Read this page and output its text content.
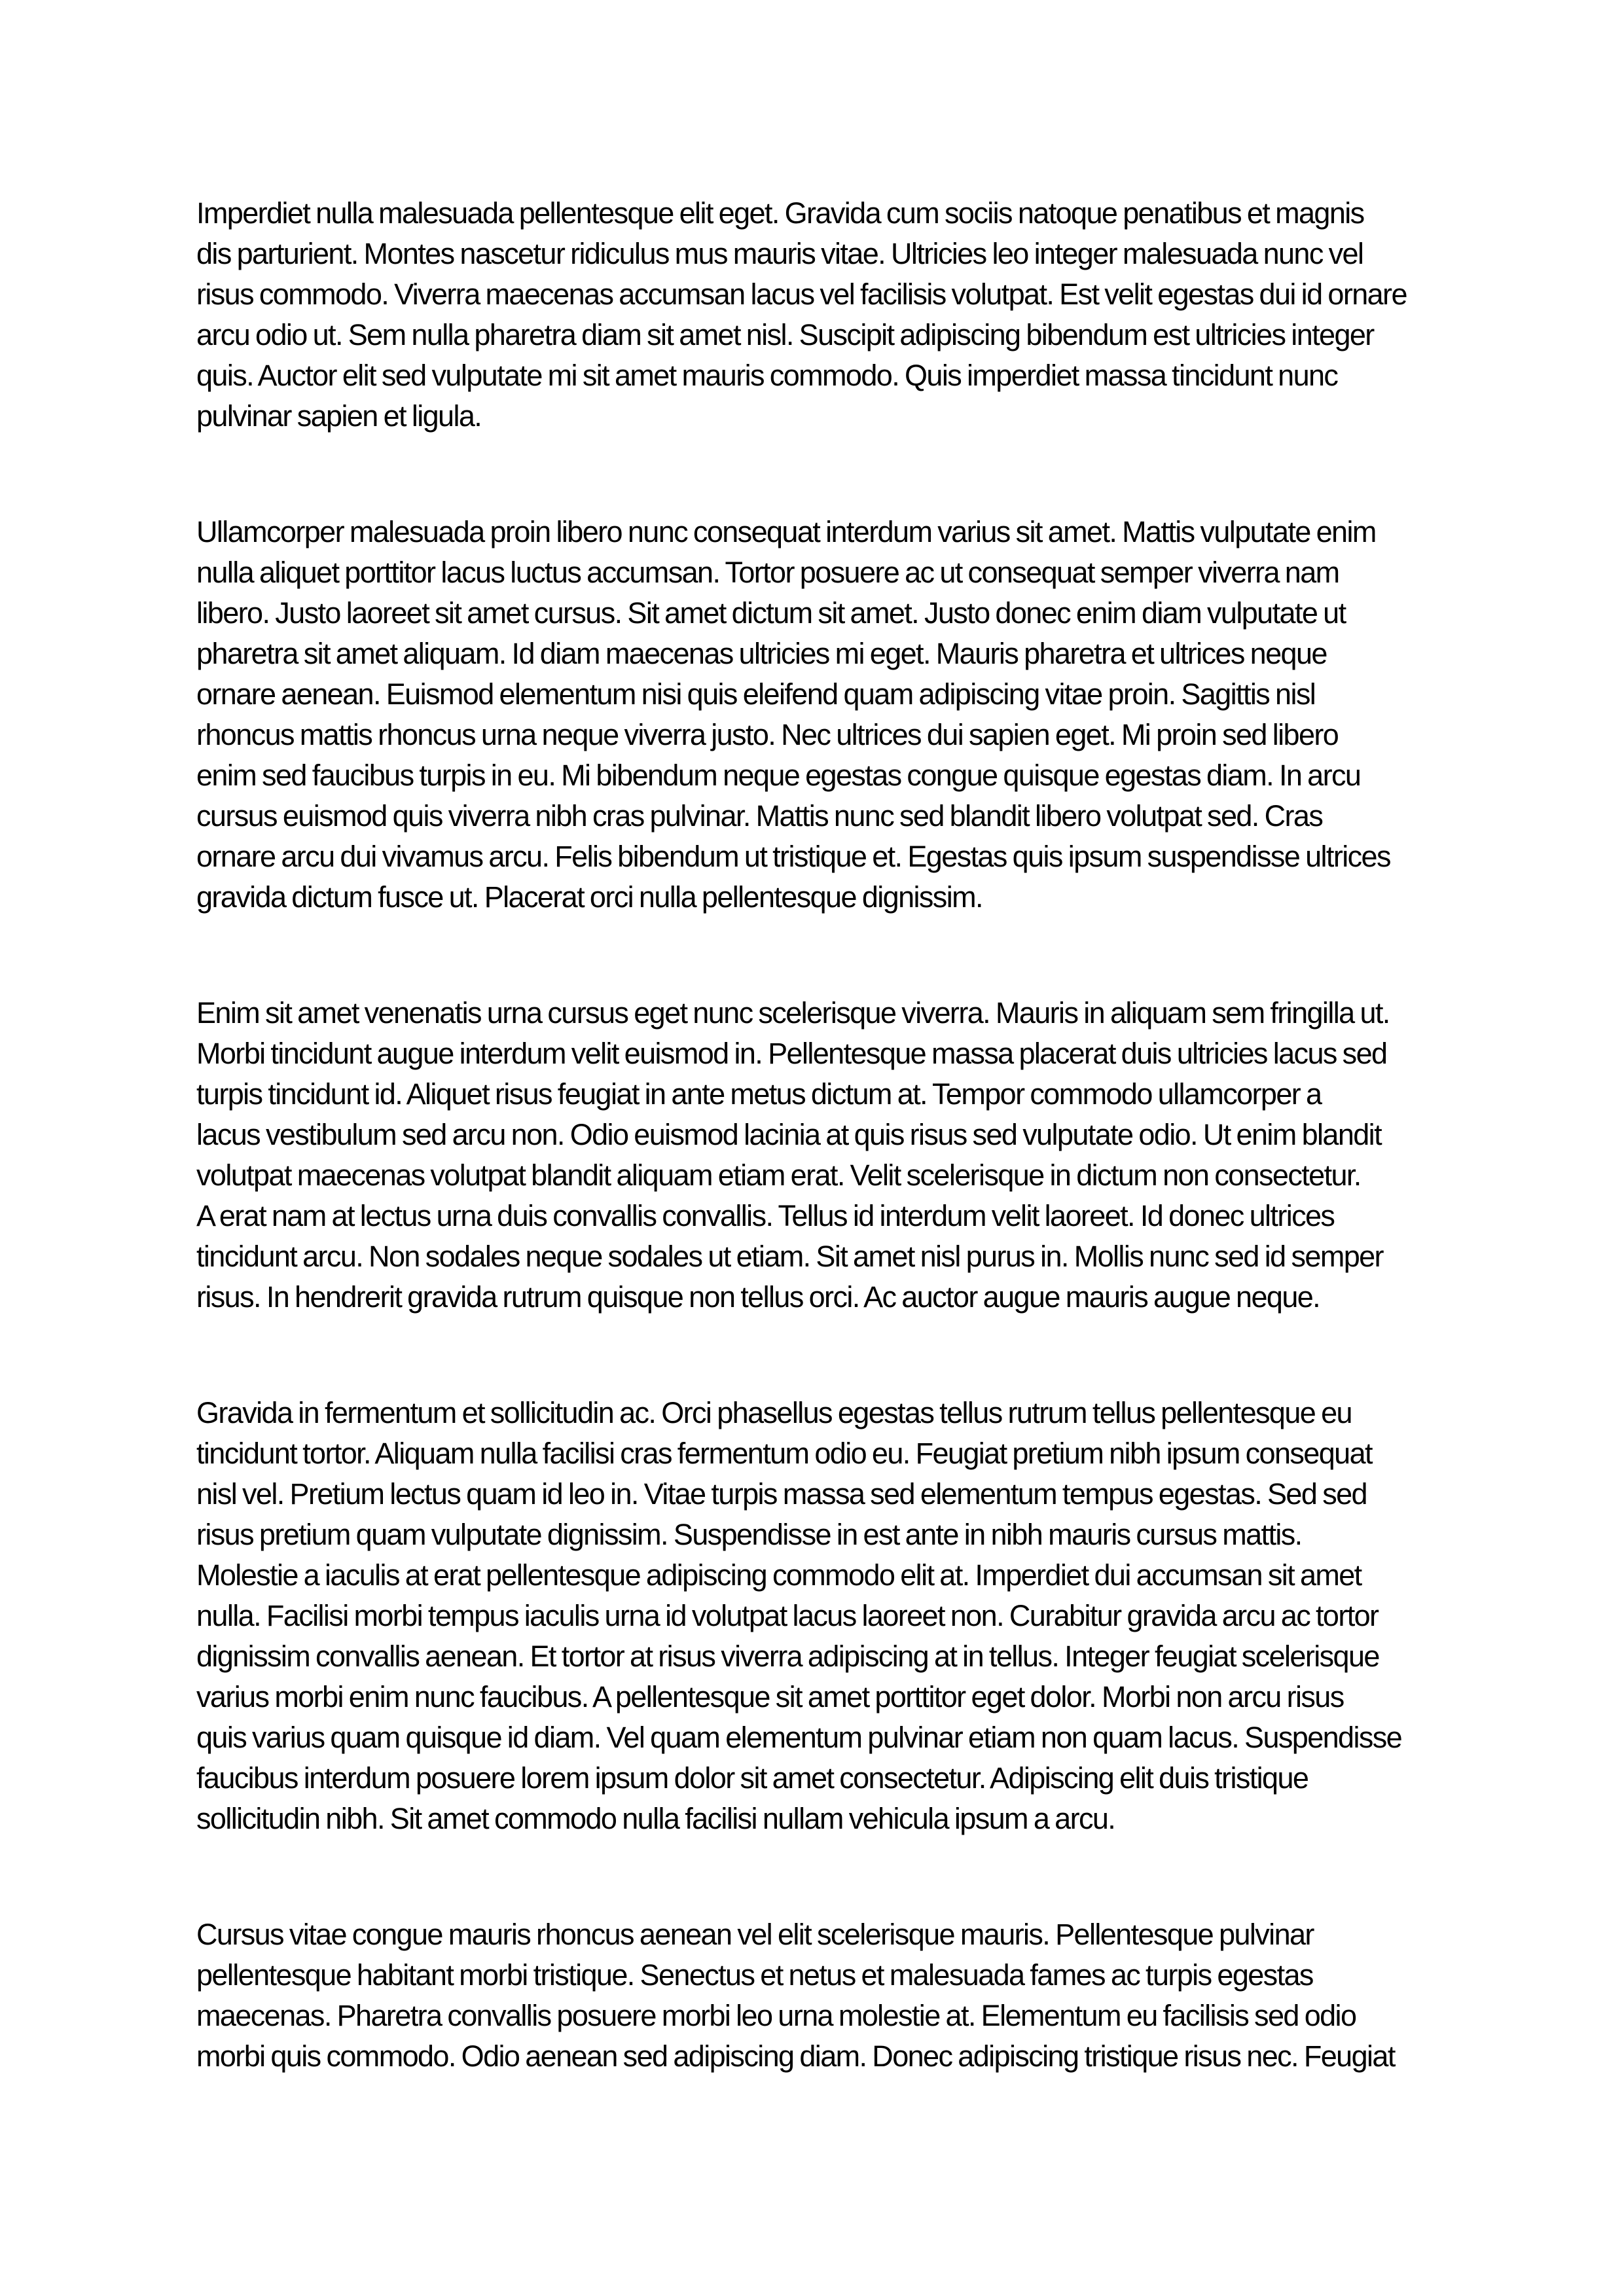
Imperdiet nulla malesuada pellentesque elit eget. Gravida cum sociis natoque penatibus et magnis
dis parturient. Montes nascetur ridiculus mus mauris vitae. Ultricies leo integer malesuada nunc vel
risus commodo. Viverra maecenas accumsan lacus vel facilisis volutpat. Est velit egestas dui id ornare
arcu odio ut. Sem nulla pharetra diam sit amet nisl. Suscipit adipiscing bibendum est ultricies integer
quis. Auctor elit sed vulputate mi sit amet mauris commodo. Quis imperdiet massa tincidunt nunc
pulvinar sapien et ligula.
Ullamcorper malesuada proin libero nunc consequat interdum varius sit amet. Mattis vulputate enim
nulla aliquet porttitor lacus luctus accumsan. Tortor posuere ac ut consequat semper viverra nam
libero. Justo laoreet sit amet cursus. Sit amet dictum sit amet. Justo donec enim diam vulputate ut
pharetra sit amet aliquam. Id diam maecenas ultricies mi eget. Mauris pharetra et ultrices neque
ornare aenean. Euismod elementum nisi quis eleifend quam adipiscing vitae proin. Sagittis nisl
rhoncus mattis rhoncus urna neque viverra justo. Nec ultrices dui sapien eget. Mi proin sed libero
enim sed faucibus turpis in eu. Mi bibendum neque egestas congue quisque egestas diam. In arcu
cursus euismod quis viverra nibh cras pulvinar. Mattis nunc sed blandit libero volutpat sed. Cras
ornare arcu dui vivamus arcu. Felis bibendum ut tristique et. Egestas quis ipsum suspendisse ultrices
gravida dictum fusce ut. Placerat orci nulla pellentesque dignissim.
Enim sit amet venenatis urna cursus eget nunc scelerisque viverra. Mauris in aliquam sem fringilla ut.
Morbi tincidunt augue interdum velit euismod in. Pellentesque massa placerat duis ultricies lacus sed
turpis tincidunt id. Aliquet risus feugiat in ante metus dictum at. Tempor commodo ullamcorper a
lacus vestibulum sed arcu non. Odio euismod lacinia at quis risus sed vulputate odio. Ut enim blandit
volutpat maecenas volutpat blandit aliquam etiam erat. Velit scelerisque in dictum non consectetur.
A erat nam at lectus urna duis convallis convallis. Tellus id interdum velit laoreet. Id donec ultrices
tincidunt arcu. Non sodales neque sodales ut etiam. Sit amet nisl purus in. Mollis nunc sed id semper
risus. In hendrerit gravida rutrum quisque non tellus orci. Ac auctor augue mauris augue neque.
Gravida in fermentum et sollicitudin ac. Orci phasellus egestas tellus rutrum tellus pellentesque eu
tincidunt tortor. Aliquam nulla facilisi cras fermentum odio eu. Feugiat pretium nibh ipsum consequat
nisl vel. Pretium lectus quam id leo in. Vitae turpis massa sed elementum tempus egestas. Sed sed
risus pretium quam vulputate dignissim. Suspendisse in est ante in nibh mauris cursus mattis.
Molestie a iaculis at erat pellentesque adipiscing commodo elit at. Imperdiet dui accumsan sit amet
nulla. Facilisi morbi tempus iaculis urna id volutpat lacus laoreet non. Curabitur gravida arcu ac tortor
dignissim convallis aenean. Et tortor at risus viverra adipiscing at in tellus. Integer feugiat scelerisque
varius morbi enim nunc faucibus. A pellentesque sit amet porttitor eget dolor. Morbi non arcu risus
quis varius quam quisque id diam. Vel quam elementum pulvinar etiam non quam lacus. Suspendisse
faucibus interdum posuere lorem ipsum dolor sit amet consectetur. Adipiscing elit duis tristique
sollicitudin nibh. Sit amet commodo nulla facilisi nullam vehicula ipsum a arcu.
Cursus vitae congue mauris rhoncus aenean vel elit scelerisque mauris. Pellentesque pulvinar
pellentesque habitant morbi tristique. Senectus et netus et malesuada fames ac turpis egestas
maecenas. Pharetra convallis posuere morbi leo urna molestie at. Elementum eu facilisis sed odio
morbi quis commodo. Odio aenean sed adipiscing diam. Donec adipiscing tristique risus nec. Feugiat
